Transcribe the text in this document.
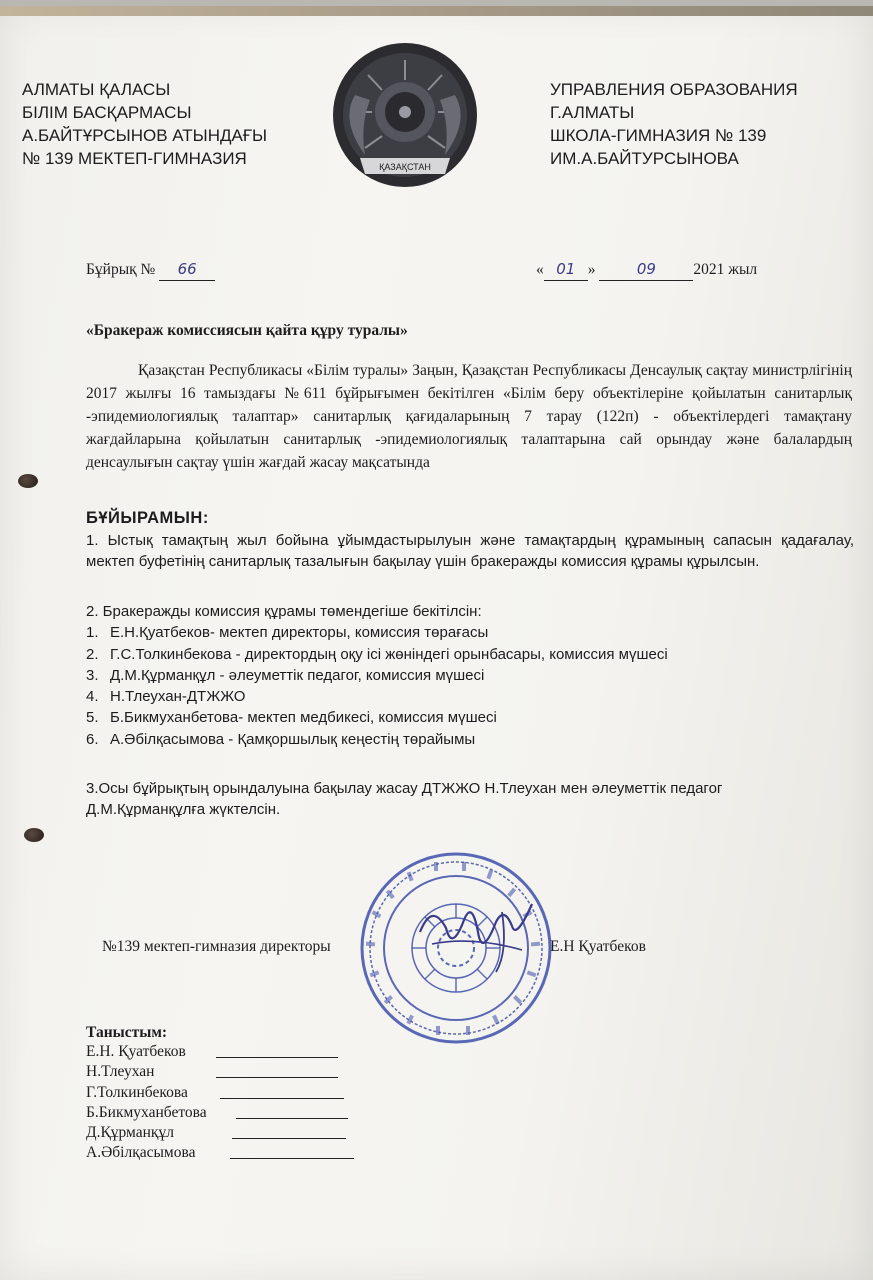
АЛМАТЫ ҚАЛАСЫ
БІЛІМ БАСҚАРМАСЫ
А.БАЙТҰРСЫНОВ АТЫНДАҒЫ
№ 139 МЕКТЕП-ГИМНАЗИЯ	ҚАЗАҚСТАН
УПРАВЛЕНИЯ ОБРАЗОВАНИЯ
Г.АЛМАТЫ
ШКОЛА-ГИМНАЗИЯ № 139
ИМ.А.БАЙТУРСЫНОВА
Бұйрық № 66	« 01 »	09 2021 жыл
«Бракераж комиссиясын қайта құру туралы»
Қазақстан Республикасы «Білім туралы» Заңын, Қазақстан Республикасы Денсаулық сақтау министрлігінің 2017 жылғы 16 тамыздағы №611 бұйрығымен бекітілген «Білім беру объектілеріне қойылатын санитарлық -эпидемиологиялық талаптар» санитарлық қағидаларының 7 тарау (122п) - объектілердегі тамақтану жағдайларына қойылатын санитарлық -эпидемиологиялық талаптарына сай орындау және балалардың денсаулығын сақтау үшін жағдай жасау мақсатында
БҰЙЫРАМЫН:
1. Ыстық тамақтың жыл бойына ұйымдастырылуын және тамақтардың құрамының сапасын қадағалау, мектеп буфетінің санитарлық тазалығын бақылау үшін бракеражды комиссия құрамы құрылсын.
2. Бракеражды комиссия құрамы төмендегіше бекітілсін:
1. Е.Н.Қуатбеков- мектеп директоры, комиссия төрағасы
2. Г.С.Толкинбекова - директордың оқу ісі жөніндегі орынбасары, комиссия мүшесі
3. Д.М.Құрманқұл - әлеуметтік педагог, комиссия мүшесі
4. Н.Тлеухан-ДТЖЖО
5. Б.Бикмуханбетова- мектеп медбикесі, комиссия мүшесі
6. А.Әбілқасымова - Қамқоршылық кеңестің төрайымы
3.Осы бұйрықтың орындалуына бақылау жасау ДТЖЖО Н.Тлеухан мен әлеуметтік педагог Д.М.Құрманқұлға жүктелсін.
№139 мектеп-гимназия директоры	Е.Н Қуатбеков
Таныстым:
Е.Н. Қуатбеков
Н.Тлеухан
Г.Толкинбекова
Б.Бикмуханбетова
Д.Құрманқұл
А.Әбілқасымова
